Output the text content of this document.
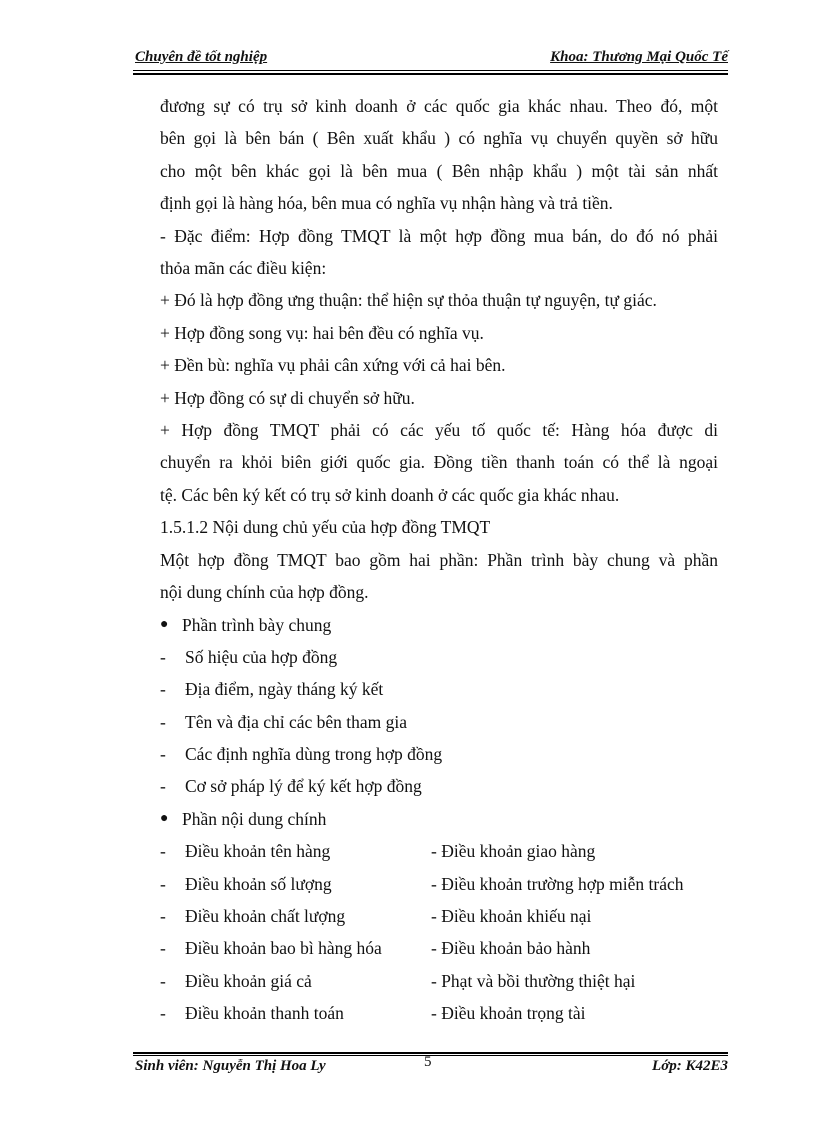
Chuyên đề tốt nghiệp	Khoa: Thương Mại Quốc Tế

đương sự có trụ sở kinh doanh ở các quốc gia khác nhau. Theo đó, một

bên gọi là bên bán ( Bên xuất khẩu ) có nghĩa vụ chuyển quyền sở hữu

cho một bên khác gọi là bên mua ( Bên nhập khẩu ) một tài sản nhất

định gọi là hàng hóa, bên mua có nghĩa vụ nhận hàng và trả tiền.

- Đặc điểm: Hợp đồng TMQT là một hợp đồng mua bán, do đó nó phải

thỏa mãn các điều kiện:

+ Đó là hợp đồng ưng thuận: thể hiện sự thỏa thuận tự nguyện, tự giác.

+ Hợp đồng song vụ: hai bên đều có nghĩa vụ.

+ Đền bù: nghĩa vụ phải cân xứng với cả hai bên.

+ Hợp đồng có sự di chuyển sở hữu.

+ Hợp đồng TMQT phải có các yếu tố quốc tế: Hàng hóa được di

chuyển ra khỏi biên giới quốc gia. Đồng tiền thanh toán có thể là ngoại

tệ. Các bên ký kết có trụ sở kinh doanh ở các quốc gia khác nhau.

1.5.1.2 Nội dung chủ yếu của hợp đồng TMQT

Một hợp đồng TMQT bao gồm hai phần: Phần trình bày chung và phần

nội dung chính của hợp đồng.

● Phần trình bày chung
- Số hiệu của hợp đồng
- Địa điểm, ngày tháng ký kết
- Tên và địa chỉ các bên tham gia
- Các định nghĩa dùng trong hợp đồng
- Cơ sở pháp lý để ký kết hợp đồng
● Phần nội dung chính
- Điều khoản tên hàng	- Điều khoản giao hàng
- Điều khoản số lượng	- Điều khoản trường hợp miễn trách
- Điều khoản chất lượng	- Điều khoản khiếu nại
- Điều khoản bao bì hàng hóa	- Điều khoản bảo hành
- Điều khoản giá cả	- Phạt và bồi thường thiệt hại
- Điều khoản thanh toán	- Điều khoản trọng tài
Sinh viên: Nguyễn Thị Hoa Ly	5	Lớp: K42E3
